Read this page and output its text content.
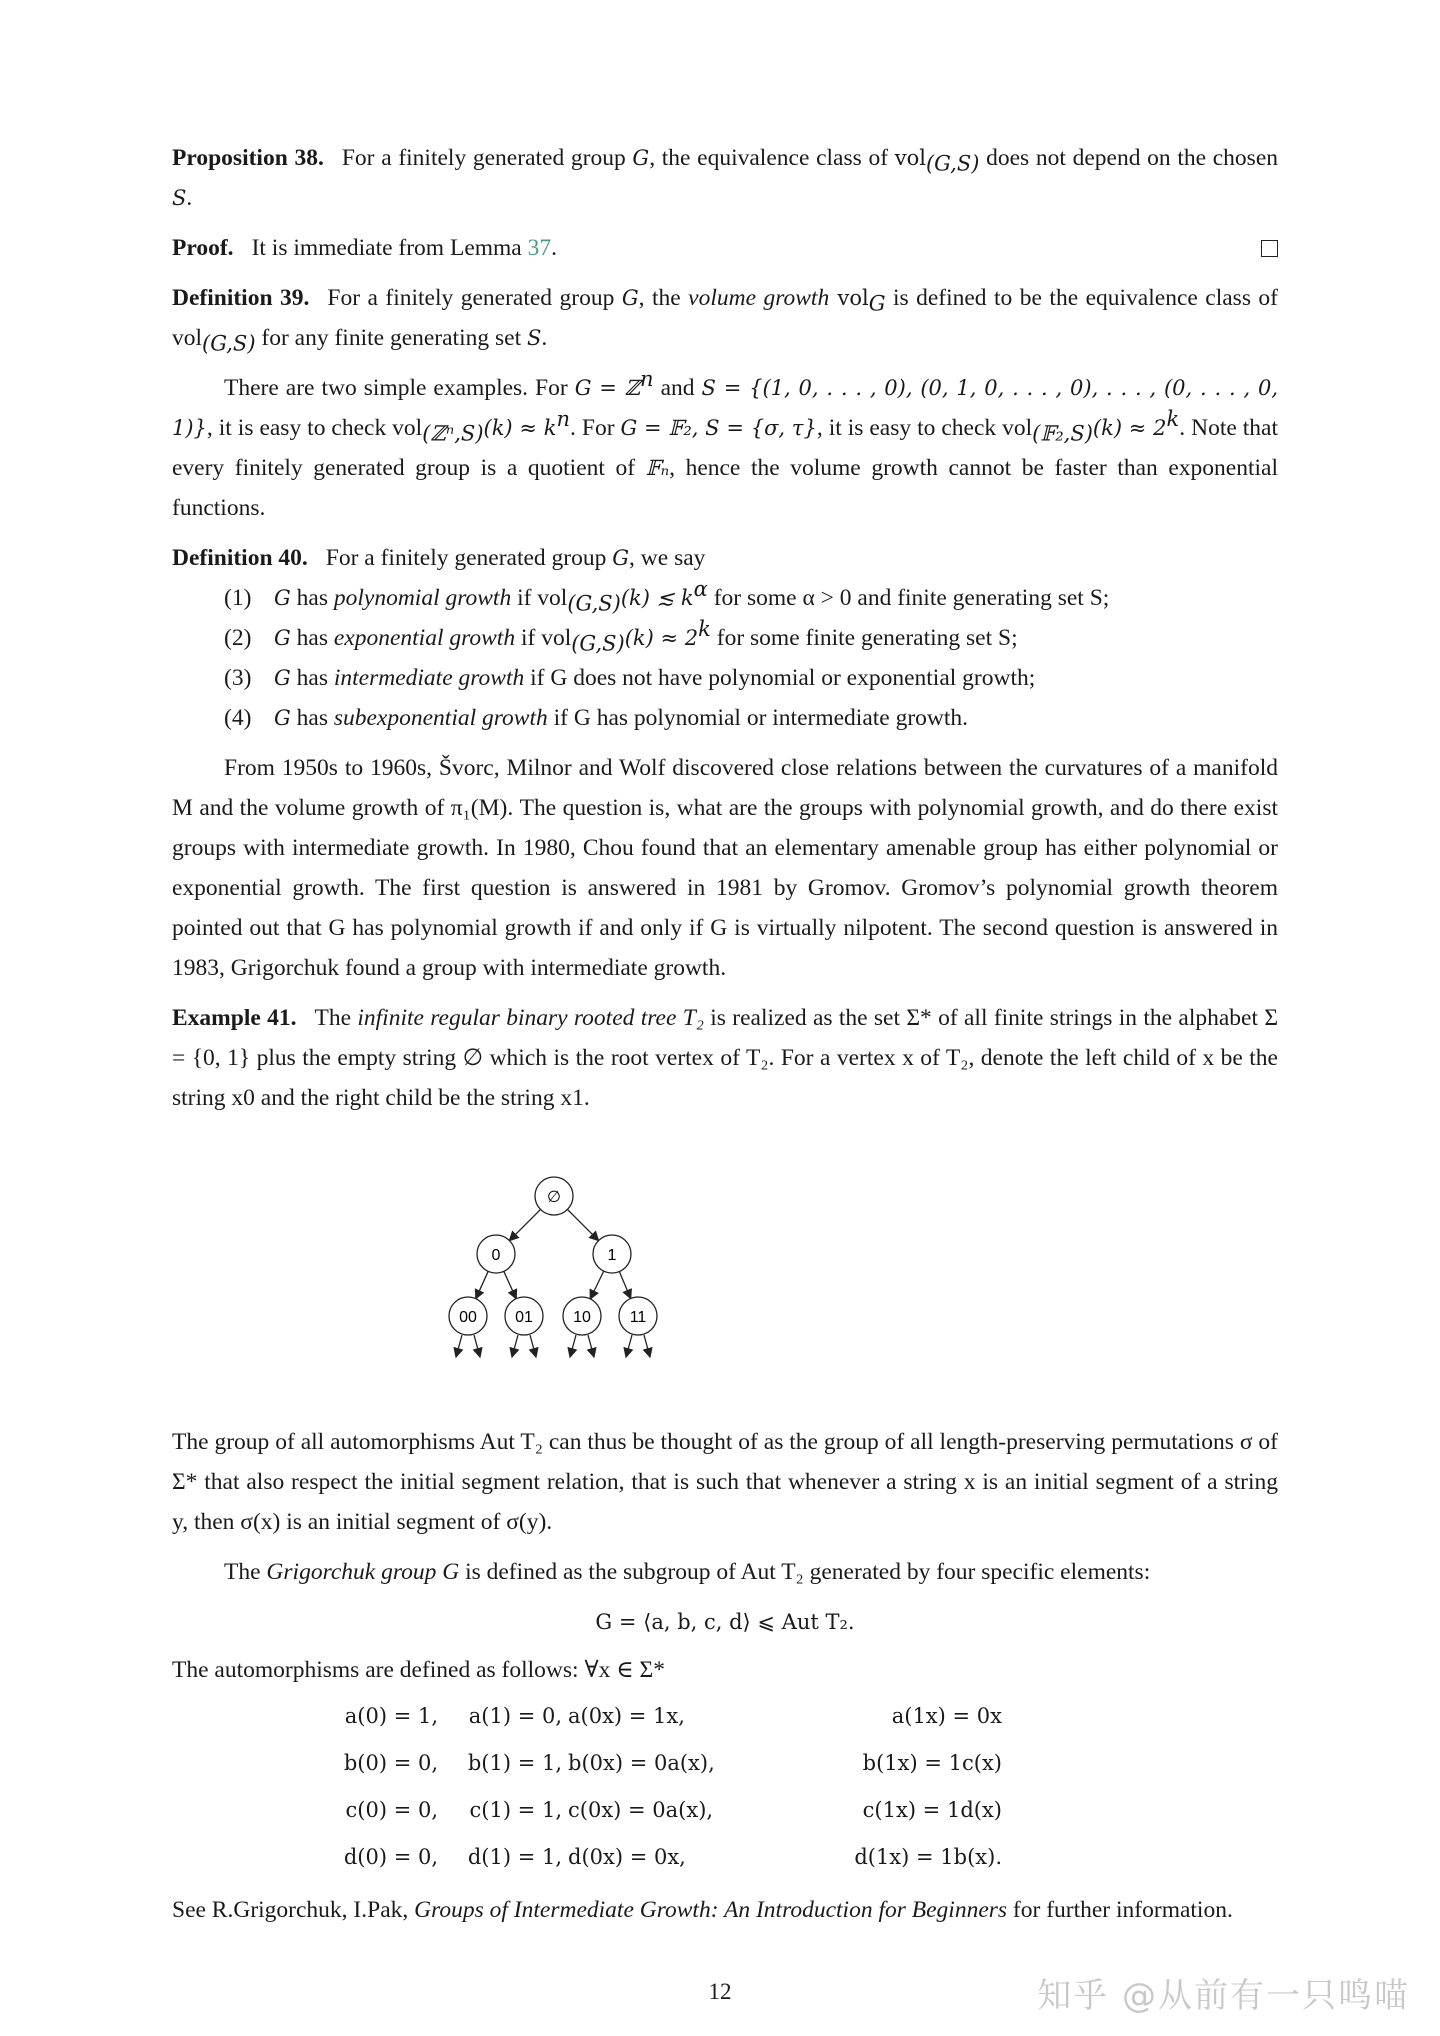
Proposition 38. For a finitely generated group G, the equivalence class of vol$_{(G,S)}$ does not depend on the chosen S.

Proof. It is immediate from Lemma 37.

Definition 39. For a finitely generated group G, the volume growth vol$_G$ is defined to be the equivalence class of vol$_{(G,S)}$ for any finite generating set S.

There are two simple examples. For G = ℤ$^n$ and S = {(1, 0, . . . , 0), (0, 1, 0, . . . , 0), . . . , (0, . . . , 0, 1)}, it is easy to check $vol_{(ℤ^n,S)}(k) \approx k^n$. For G = 𝔽₂, S = {σ, τ}, it is easy to check $vol_{(𝔽_2,S)}(k) \approx 2^k$. Note that every finitely generated group is a quotient of 𝔽ₙ, hence the volume growth cannot be faster than exponential functions.

Definition 40. For a finitely generated group G, we say

(1)	G has polynomial growth if vol$_{(G,S)}$(k) ≲ $k^\alpha$ for some α > 0 and finite generating set S;
(2)	G has exponential growth if $vol_{(G,S)}(k) \approx 2^k$ for some finite generating set S;
(3)	G has intermediate growth if G does not have polynomial or exponential growth;
(4)	G has subexponential growth if G has polynomial or intermediate growth.

From 1950s to 1960s, Švorc, Milnor and Wolf discovered close relations between the curvatures of a manifold M and the volume growth of π₁(M). The question is, what are the groups with polynomial growth, and do there exist groups with intermediate growth. In 1980, Chou found that an elementary amenable group has either polynomial or exponential growth. The first question is answered in 1981 by Gromov. Gromov’s polynomial growth theorem pointed out that G has polynomial growth if and only if G is virtually nilpotent. The second question is answered in 1983, Grigorchuk found a group with intermediate growth.

Example 41. The infinite regular binary rooted tree T₂ is realized as the set Σ* of all finite strings in the alphabet Σ = {0, 1} plus the empty string ∅ which is the root vertex of T₂. For a vertex x of T₂, denote the left child of x be the string x0 and the right child be the string x1.

∅
0	1
00 01	10 11

The group of all automorphisms Aut T₂ can thus be thought of as the group of all length-preserving permutations σ of Σ* that also respect the initial segment relation, that is such that whenever a string x is an initial segment of a string y, then σ(x) is an initial segment of σ(y).

The Grigorchuk group G is defined as the subgroup of Aut T₂ generated by four specific elements:

G = ⟨a, b, c, d⟩ ⩽ Aut T₂.

The automorphisms are defined as follows: ∀x ∈ Σ*

a(0) = 1,	a(1) = 0, a(0x) = 1x,	a(1x) = 0x
b(0) = 0,	b(1) = 1, b(0x) = 0a(x),	b(1x) = 1c(x)
c(0) = 0,	c(1) = 1, c(0x) = 0a(x),	c(1x) = 1d(x)
d(0) = 0,	d(1) = 1, d(0x) = 0x,	d(1x) = 1b(x).

See R.Grigorchuk, I.Pak, Groups of Intermediate Growth: An Introduction for Beginners for further information.

12	知乎 @从前有一只鸣喵
